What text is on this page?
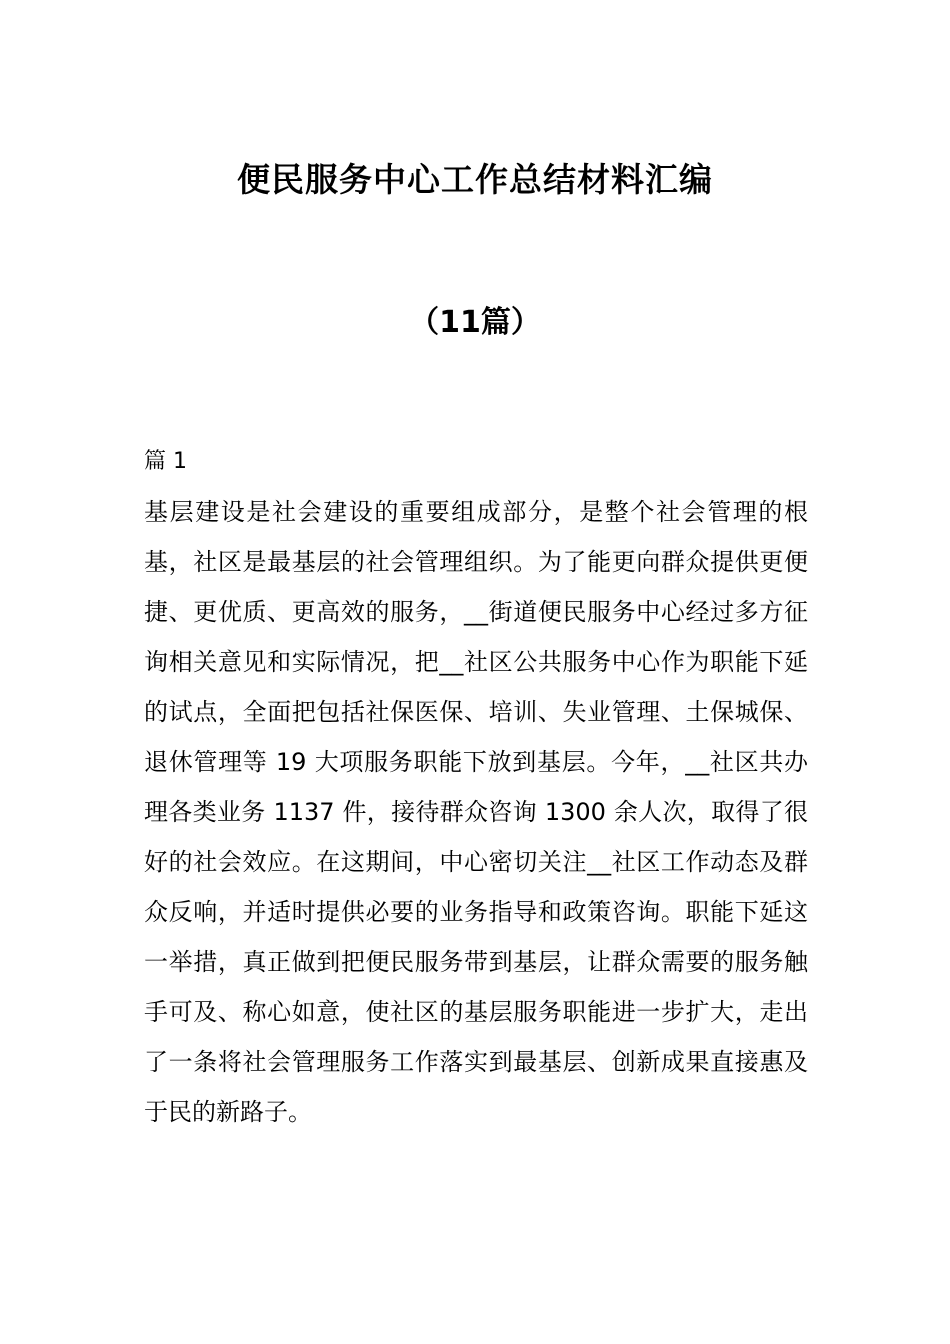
便民服务中心工作总结材料汇编
（11篇）

篇 1

基层建设是社会建设的重要组成部分，是整个社会管理的根基，社区是最基层的社会管理组织。为了能更向群众提供更便捷、更优质、更高效的服务，__街道便民服务中心经过多方征询相关意见和实际情况，把__社区公共服务中心作为职能下延的试点，全面把包括社保医保、培训、失业管理、土保城保、退休管理等 19 大项服务职能下放到基层。今年，__社区共办理各类业务 1137 件，接待群众咨询 1300 余人次，取得了很好的社会效应。在这期间，中心密切关注__社区工作动态及群众反响，并适时提供必要的业务指导和政策咨询。职能下延这一举措，真正做到把便民服务带到基层，让群众需要的服务触手可及、称心如意，使社区的基层服务职能进一步扩大，走出了一条将社会管理服务工作落实到最基层、创新成果直接惠及于民的新路子。
